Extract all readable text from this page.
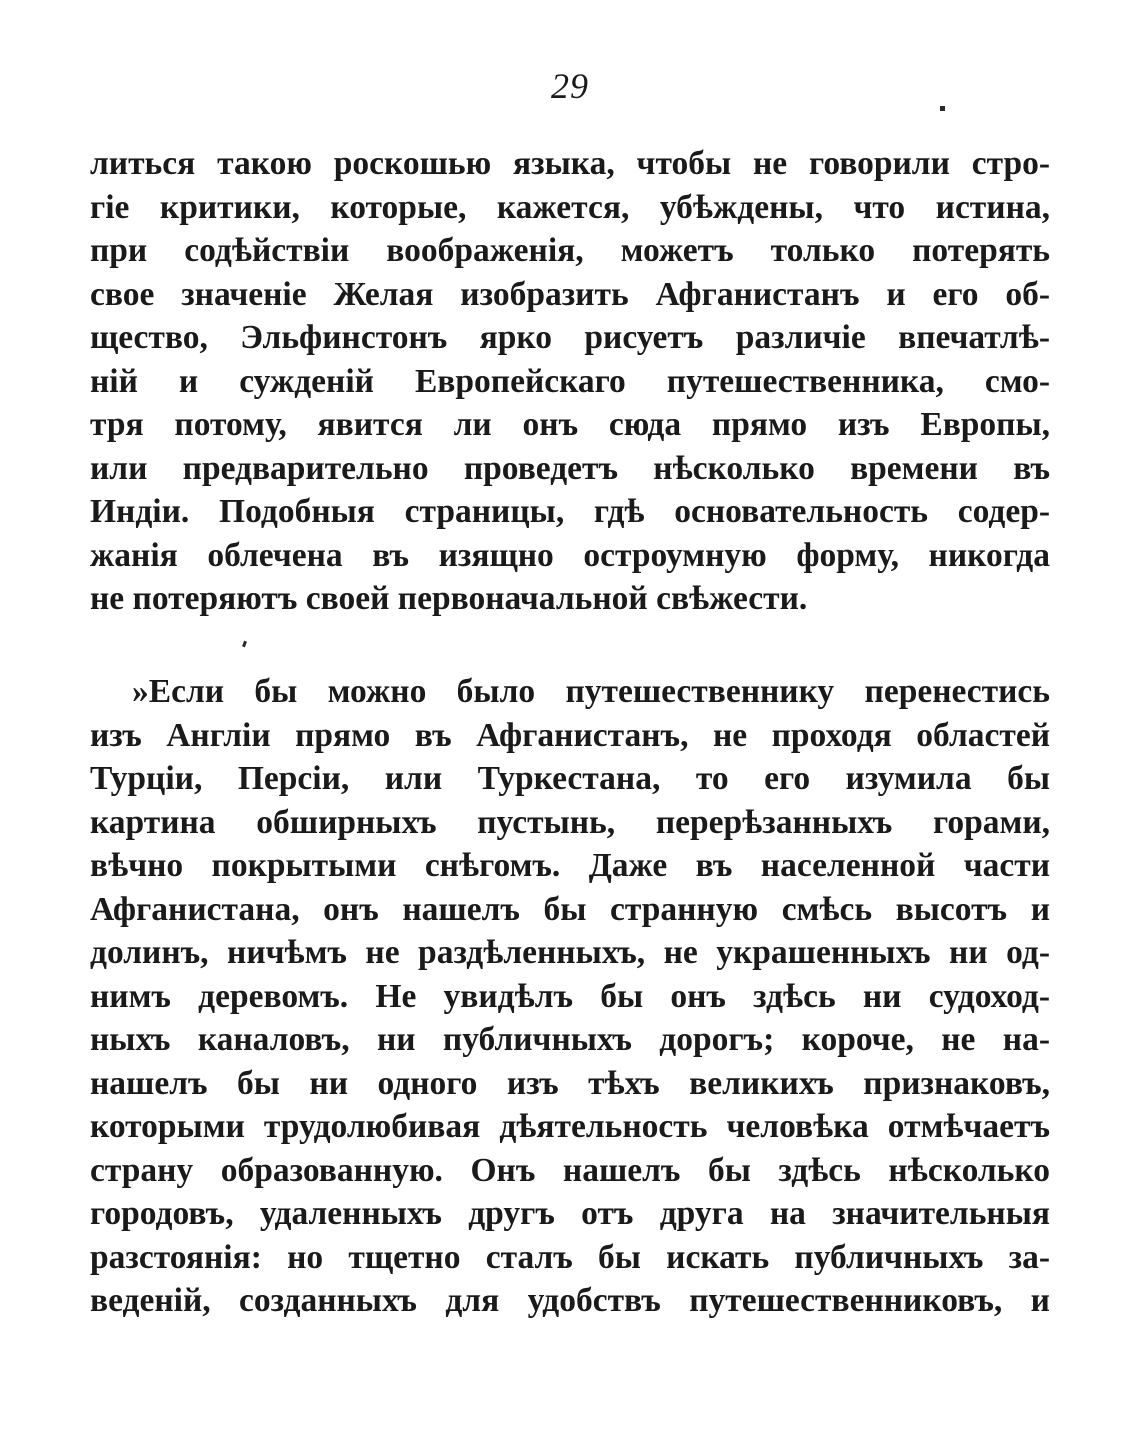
29
литься такою роскошью языка, чтобы не говорили стро-
гіе критики, которые, кажется, убѣждены, что истина,
при содѣйствіи воображенія, можетъ только потерять
свое значеніе Желая изобразить Афганистанъ и его об-
щество, Эльфинстонъ ярко рисуетъ различіе впечатлѣ-
ній и сужденій Европейскаго путешественника, смо-
тря потому, явится ли онъ сюда прямо изъ Европы,
или предварительно проведетъ нѣсколько времени въ
Индіи. Подобныя страницы, гдѣ основательность содер-
жанія облечена въ изящно остроумную форму, никогда
не потеряютъ своей первоначальной свѣжести.
»Если бы можно было путешественнику перенестись
изъ Англіи прямо въ Афганистанъ, не проходя областей
Турціи, Персіи, или Туркестана, то его изумила бы
картина обширныхъ пустынь, перерѣзанныхъ горами,
вѣчно покрытыми снѣгомъ. Даже въ населенной части
Афганистана, онъ нашелъ бы странную смѣсь высотъ и
долинъ, ничѣмъ не раздѣленныхъ, не украшенныхъ ни од-
нимъ деревомъ. Не увидѣлъ бы онъ здѣсь ни судоход-
ныхъ каналовъ, ни публичныхъ дорогъ; короче, не на-
нашелъ бы ни одного изъ тѣхъ великихъ признаковъ,
которыми трудолюбивая дѣятельность человѣка отмѣчаетъ
страну образованную. Онъ нашелъ бы здѣсь нѣсколько
городовъ, удаленныхъ другъ отъ друга на значительныя
разстоянія: но тщетно сталъ бы искать публичныхъ за-
веденій, созданныхъ для удобствъ путешественниковъ, и
